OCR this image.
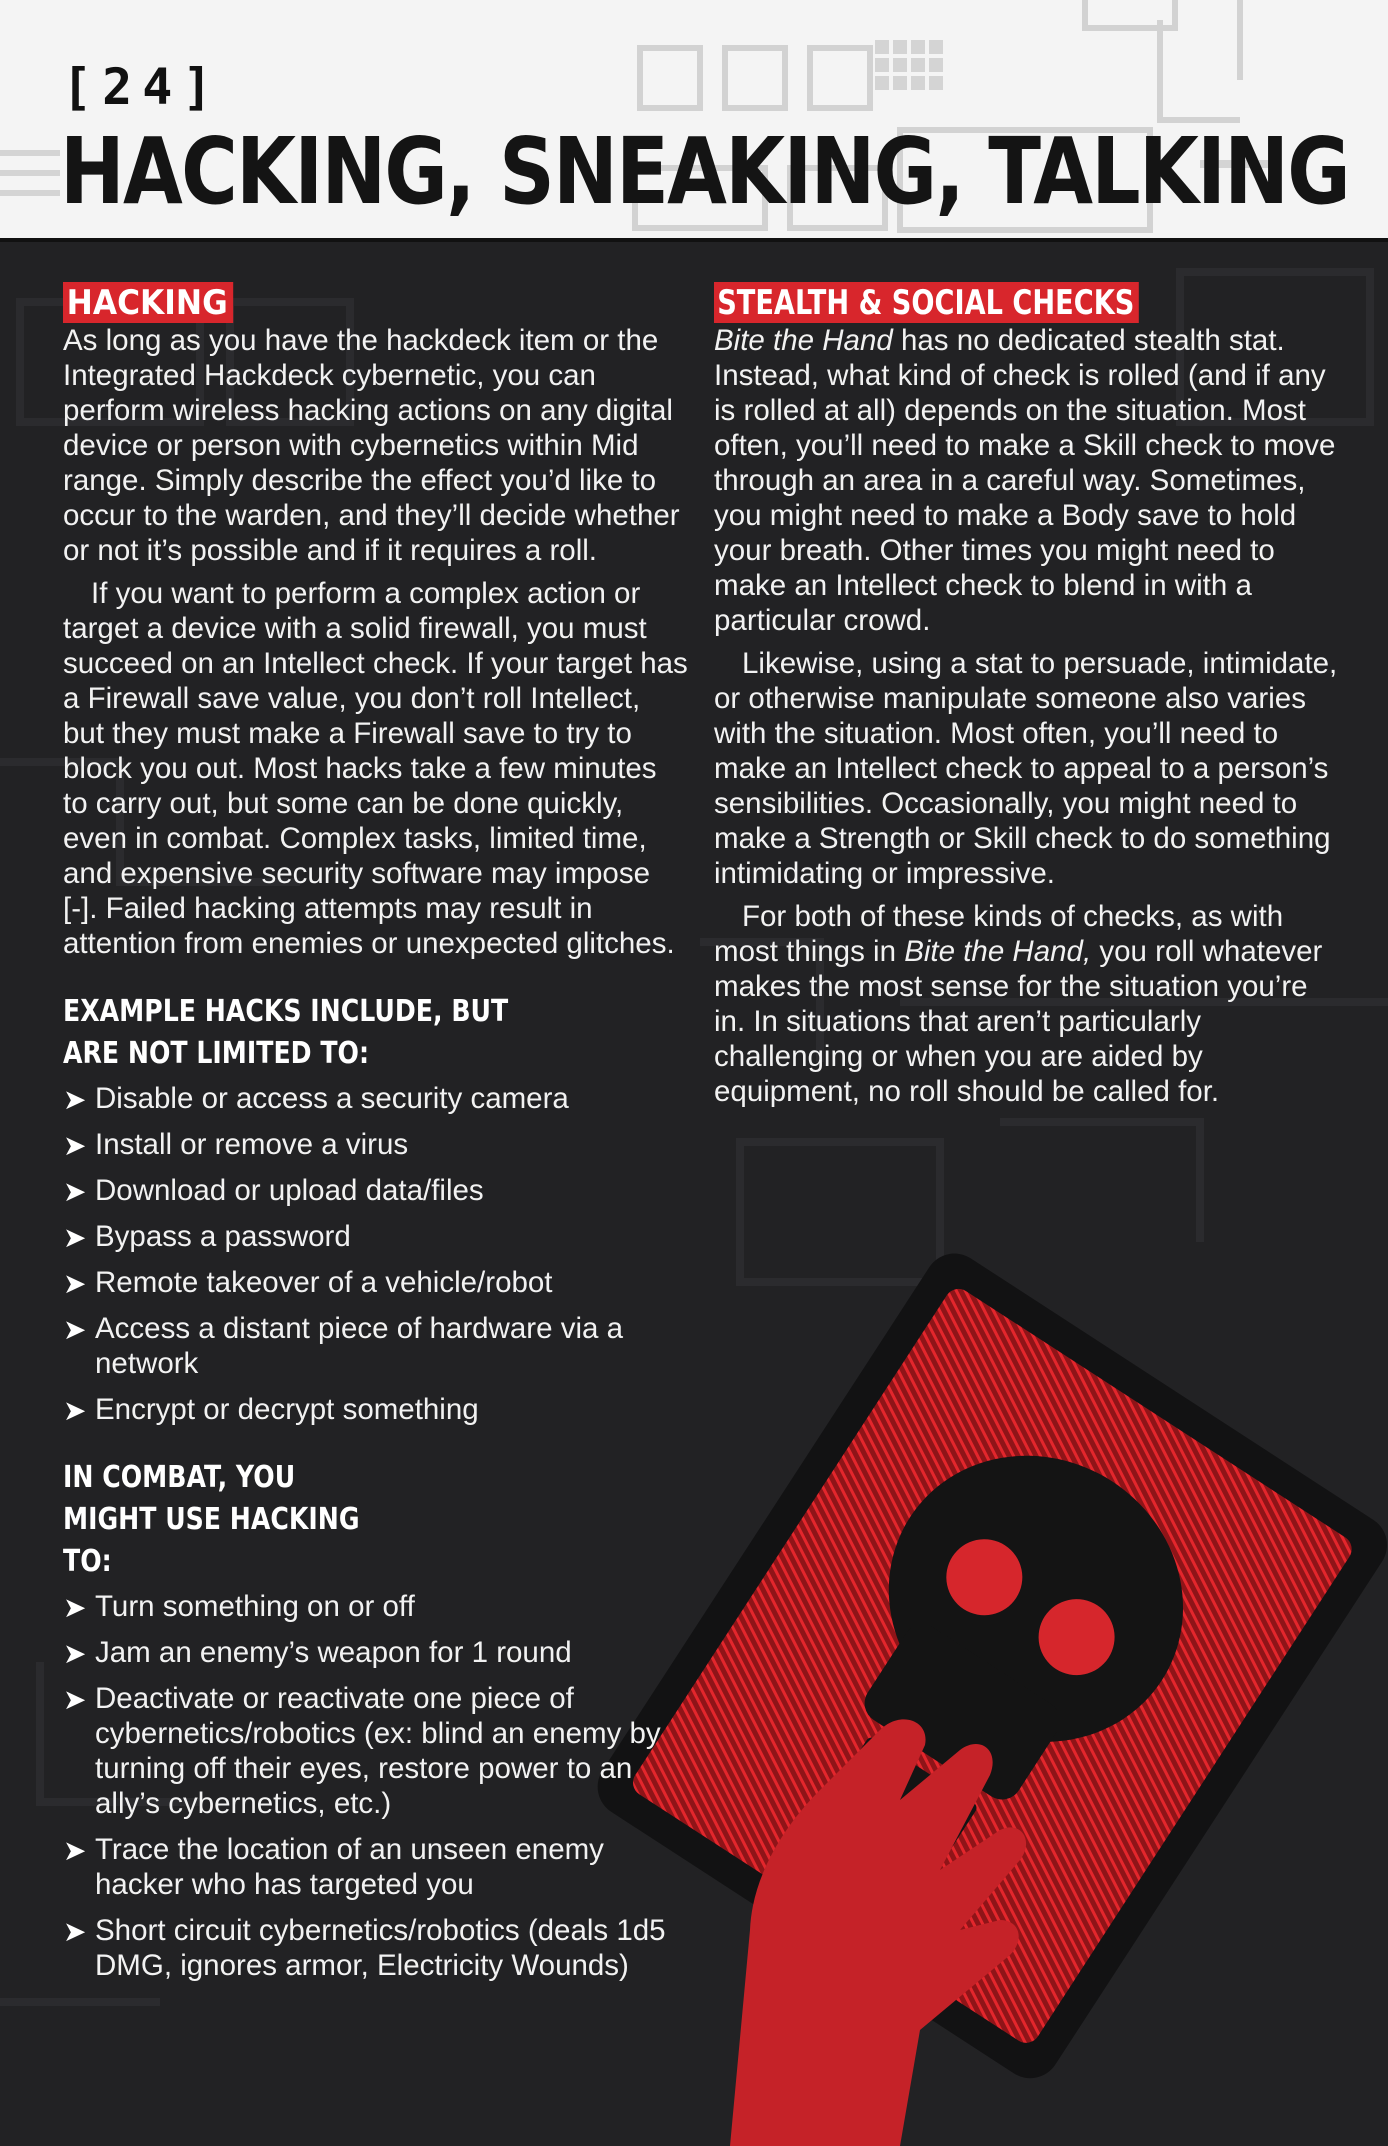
[24]
HACKING, SNEAKING, TALKING
HACKING

As long as you have the hackdeck item or the Integrated Hackdeck cybernetic, you can perform wireless hacking actions on any digital device or person with cybernetics within Mid range. Simply describe the effect you’d like to occur to the warden, and they’ll decide whether or not it’s possible and if it requires a roll.

If you want to perform a complex action or target a device with a solid firewall, you must succeed on an Intellect check. If your target has a Firewall save value, you don’t roll Intellect, but they must make a Firewall save to try to block you out. Most hacks take a few minutes to carry out, but some can be done quickly, even in combat. Complex tasks, limited time, and expensive security software may impose [-]. Failed hacking attempts may result in attention from enemies or unexpected glitches.

EXAMPLE HACKS INCLUDE, BUT ARE NOT LIMITED TO:
➤ Disable or access a security camera
➤ Install or remove a virus
➤ Download or upload data/files
➤ Bypass a password
➤ Remote takeover of a vehicle/robot
➤ Access a distant piece of hardware via a network
➤ Encrypt or decrypt something
IN COMBAT, YOU MIGHT USE HACKING TO:
➤ Turn something on or off
➤ Jam an enemy’s weapon for 1 round
➤ Deactivate or reactivate one piece of cybernetics/robotics (ex: blind an enemy by turning off their eyes, restore power to an ally’s cybernetics, etc.)
➤ Trace the location of an unseen enemy hacker who has targeted you
➤ Short circuit cybernetics/robotics (deals 1d5 DMG, ignores armor, Electricity Wounds)
STEALTH & SOCIAL CHECKS

Bite the Hand has no dedicated stealth stat. Instead, what kind of check is rolled (and if any is rolled at all) depends on the situation. Most often, you’ll need to make a Skill check to move through an area in a careful way. Sometimes, you might need to make a Body save to hold your breath. Other times you might need to make an Intellect check to blend in with a particular crowd.

Likewise, using a stat to persuade, intimidate, or otherwise manipulate someone also varies with the situation. Most often, you’ll need to make an Intellect check to appeal to a person’s sensibilities. Occasionally, you might need to make a Strength or Skill check to do something intimidating or impressive.

For both of these kinds of checks, as with most things in Bite the Hand, you roll whatever makes the most sense for the situation you’re in. In situations that aren’t particularly challenging or when you are aided by equipment, no roll should be called for.
